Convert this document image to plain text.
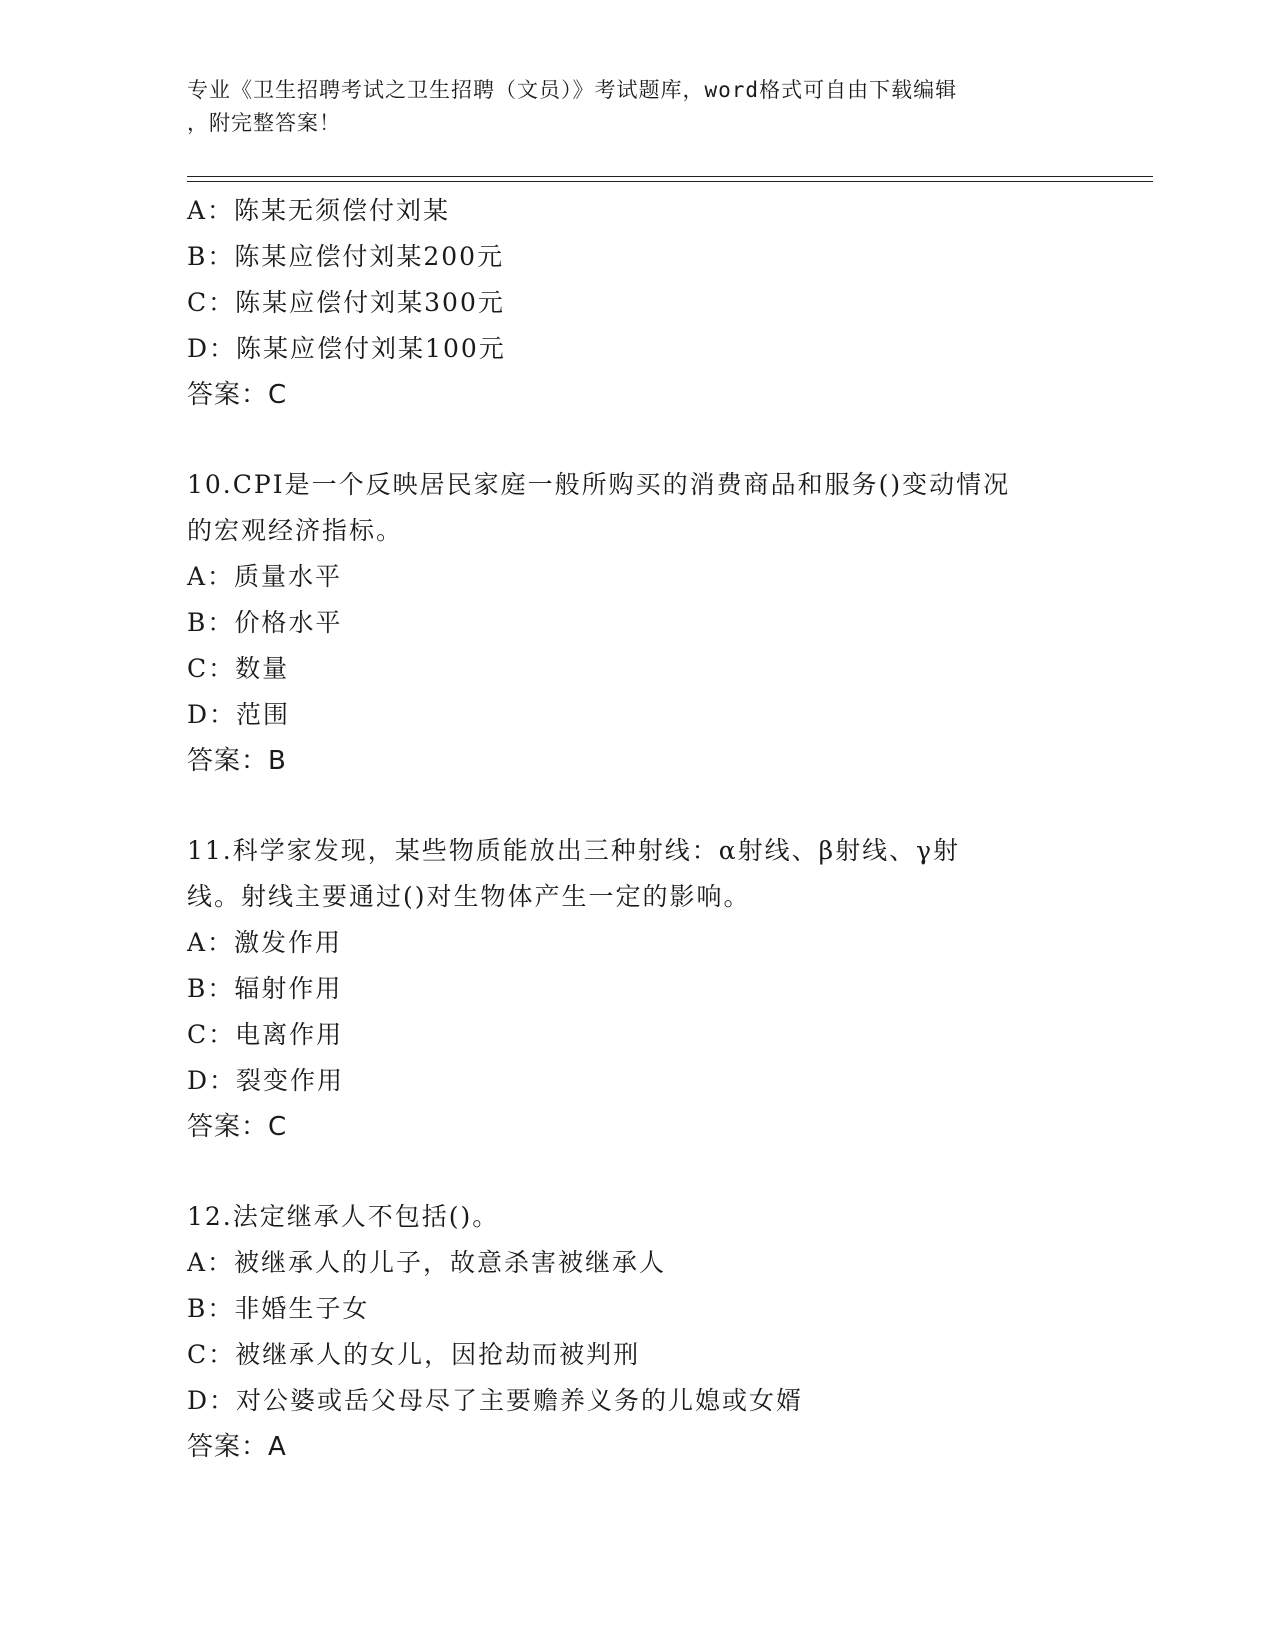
专业《卫生招聘考试之卫生招聘（文员）》考试题库，word格式可自由下载编辑
，附完整答案！
A：陈某无须偿付刘某
B：陈某应偿付刘某200元
C：陈某应偿付刘某300元
D：陈某应偿付刘某100元
答案：C
10.CPI是一个反映居民家庭一般所购买的消费商品和服务()变动情况
的宏观经济指标。
A：质量水平
B：价格水平
C：数量
D：范围
答案：B
11.科学家发现，某些物质能放出三种射线：α射线、β射线、γ射
线。射线主要通过()对生物体产生一定的影响。
A：激发作用
B：辐射作用
C：电离作用
D：裂变作用
答案：C
12.法定继承人不包括()。
A：被继承人的儿子，故意杀害被继承人
B：非婚生子女
C：被继承人的女儿，因抢劫而被判刑
D：对公婆或岳父母尽了主要赡养义务的儿媳或女婿
答案：A
